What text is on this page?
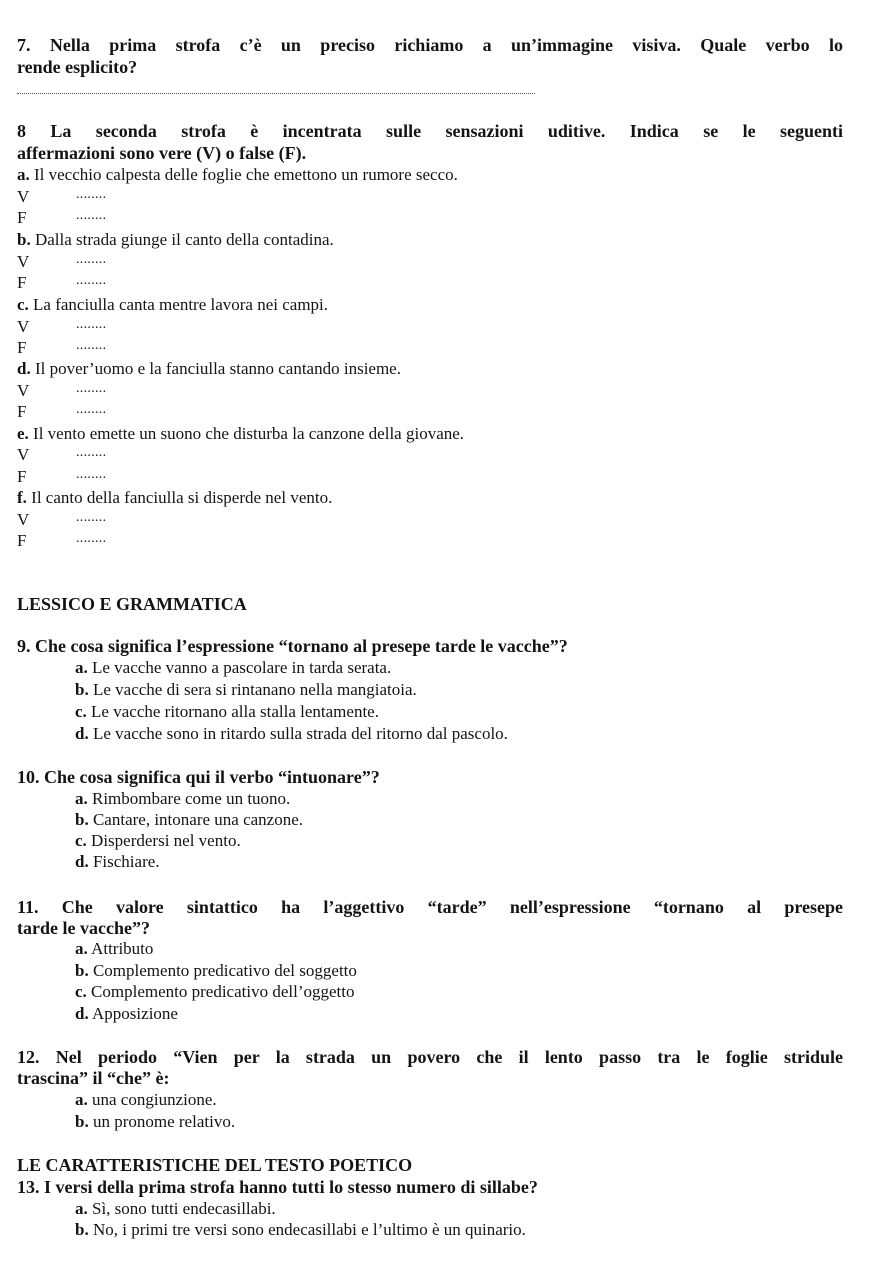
7. Nella prima strofa c’è un preciso richiamo a un’immagine visiva. Quale verbo lo
rende esplicito?
8 La seconda strofa è incentrata sulle sensazioni uditive. Indica se le seguenti
affermazioni sono vere (V) o false (F).
a. Il vecchio calpesta delle foglie che emettono un rumore secco.
V	........
F	........
b. Dalla strada giunge il canto della contadina.
V	........
F	........
c. La fanciulla canta mentre lavora nei campi.
V	........
F	........
d. Il pover’uomo e la fanciulla stanno cantando insieme.
V	........
F	........
e. Il vento emette un suono che disturba la canzone della giovane.
V	........
F	........
f. Il canto della fanciulla si disperde nel vento.
V	........
F	........
LESSICO E GRAMMATICA
9. Che cosa significa l’espressione “tornano al presepe tarde le vacche”?
a. Le vacche vanno a pascolare in tarda serata.
b. Le vacche di sera si rintanano nella mangiatoia.
c. Le vacche ritornano alla stalla lentamente.
d. Le vacche sono in ritardo sulla strada del ritorno dal pascolo.
10. Che cosa significa qui il verbo “intuonare”?
a. Rimbombare come un tuono.
b. Cantare, intonare una canzone.
c. Disperdersi nel vento.
d. Fischiare.
11. Che valore sintattico ha l’aggettivo “tarde” nell’espressione “tornano al presepe
tarde le vacche”?
a. Attributo
b. Complemento predicativo del soggetto
c. Complemento predicativo dell’oggetto
d. Apposizione
12. Nel periodo “Vien per la strada un povero che il lento passo tra le foglie stridule
trascina” il “che” è:
a. una congiunzione.
b. un pronome relativo.
LE CARATTERISTICHE DEL TESTO POETICO
13. I versi della prima strofa hanno tutti lo stesso numero di sillabe?
a. Sì, sono tutti endecasillabi.
b. No, i primi tre versi sono endecasillabi e l’ultimo è un quinario.
